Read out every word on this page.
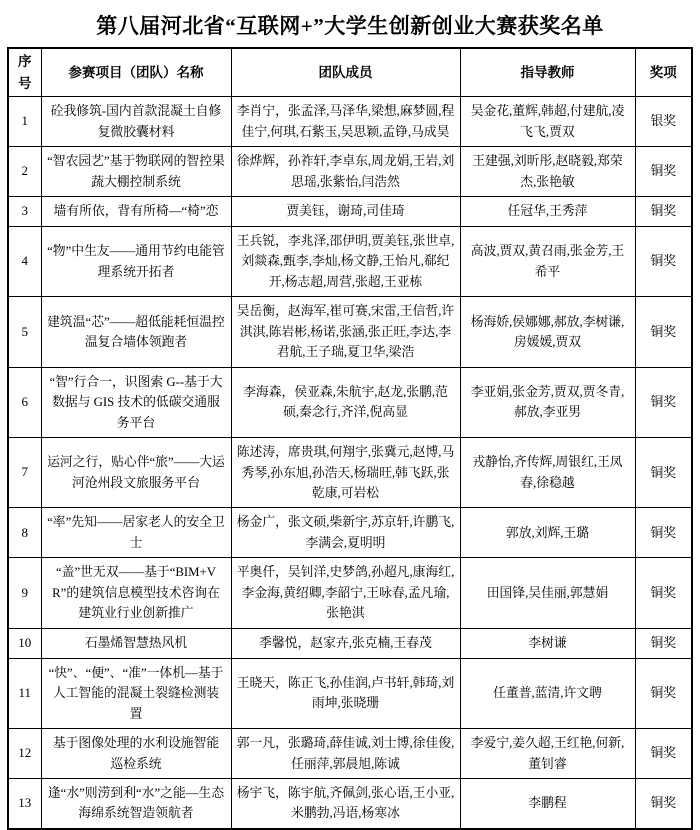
第八届河北省“互联网+”大学生创新创业大赛获奖名单
序号	参赛项目（团队）名称	团队成员	指导教师	奖项
1	砼我修筑-国内首款混凝土自修复微胶囊材料	李肖宁，张孟泽,马泽华,梁想,麻梦圆,程佳宁,何琪,石紫玉,吴思颖,孟铮,马成昊	吴金花,董辉,韩超,付建航,凌飞飞,贾双	银奖
2	“智农园艺”基于物联网的智控果蔬大棚控制系统	徐烨辉，孙祚轩,李卓东,周龙娟,王岩,刘思瑶,张紫怡,闫浩然	王建强,刘昕彤,赵晓毅,郑荣杰,张艳敏	铜奖
3	墙有所依，背有所椅—“椅”恋	贾美钰，谢琦,司佳琦	任冠华,王秀萍	铜奖
4	“物”中生友——通用节约电能管理系统开拓者	王兵锐，李兆泽,邵伊明,贾美钰,张世卓,刘燚森,甄李,李灿,杨文静,王怡凡,郗纪开,杨志超,周营,张超,王亚栋	高波,贾双,黄召雨,张金芳,王希平	铜奖
5	建筑温“芯”——超低能耗恒温控温复合墙体领跑者	吴岳衡，赵海军,崔可赛,宋雷,王信哲,许淇淇,陈岩彬,杨诺,张涵,张正旺,李达,李君航,王子瑞,夏卫华,梁浩	杨海娇,侯娜娜,郝放,李树谦,房媛媛,贾双	铜奖
6	“智”行合一，识图索 G--基于大数据与 GIS 技术的低碳交通服务平台	李海森，侯亚森,朱航宇,赵龙,张鹏,范硕,秦念行,齐洋,倪高显	李亚娟,张金芳,贾双,贾冬青,郝放,李亚男	铜奖
7	运河之行，贴心伴“旅”——大运河沧州段文旅服务平台	陈述涛，席贵琪,何翔宇,张冀元,赵博,马秀琴,孙东旭,孙浩天,杨瑞旺,韩飞跃,张乾康,可岩松	戎静怡,齐传辉,周银红,王凤春,徐稳越	铜奖
8	“率”先知——居家老人的安全卫士	杨金广，张文硕,柴新宇,苏京轩,许鹏飞,李满会,夏明明	郭放,刘辉,王璐	铜奖
9	“盖”世无双——基于“BIM+VR”的建筑信息模型技术咨询在建筑业行业创新推广	平奥仟，吴钊洋,史梦鸽,孙超凡,康海红,李金海,黄绍卿,李韶宁,王咏春,孟凡瑜,张艳淇	田国锋,吴佳丽,郭慧娟	铜奖
10	石墨烯智慧热风机	季馨悦，赵家卉,张克楠,王春茂	李树谦	铜奖
11	“快”、“便”、“准”一体机—基于人工智能的混凝土裂缝检测装置	王晓天，陈正飞,孙佳润,卢书轩,韩琦,刘雨坤,张晓珊	任董普,蓝清,许文聘	铜奖
12	基于图像处理的水利设施智能巡检系统	郭一凡，张璐琦,薛佳诚,刘士博,徐佳俊,任丽萍,郭晨旭,陈诚	李爱宁,姜久超,王红艳,何新,董钊睿	铜奖
13	逢“水”则涝到利“水”之能—生态海绵系统智造领航者	杨宇飞，陈宇航,齐佩剑,张心语,王小亚,米鹏勃,冯语,杨寒冰	李鹏程	铜奖
